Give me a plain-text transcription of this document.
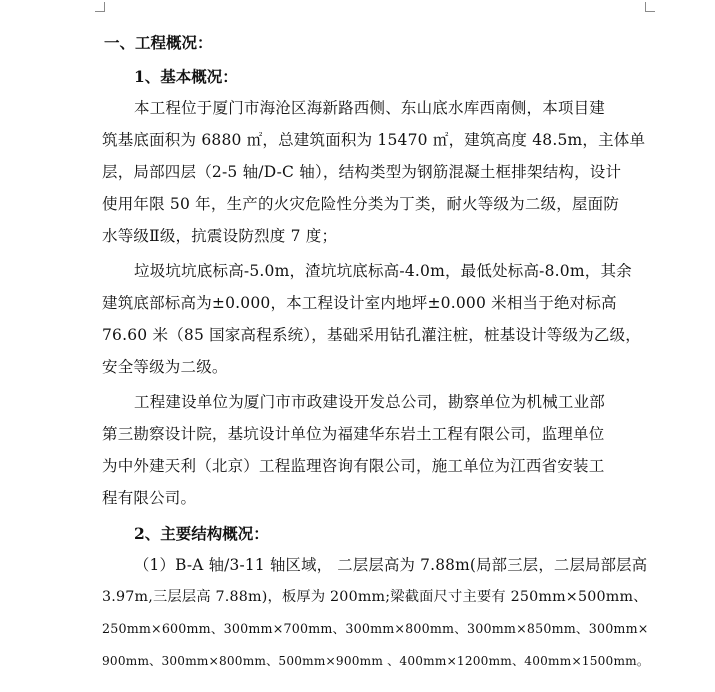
一、工程概况：
1、基本概况：
本工程位于厦门市海沧区海新路西侧、东山底水库西南侧，本项目建
筑基底面积为 6880 ㎡，总建筑面积为 15470 ㎡，建筑高度 48.5m，主体单
层，局部四层（2-5 轴/D-C 轴），结构类型为钢筋混凝土框排架结构，设计
使用年限 50 年，生产的火灾危险性分类为丁类，耐火等级为二级，屋面防
水等级Ⅱ级，抗震设防烈度 7 度；
垃圾坑坑底标高-5.0m，渣坑坑底标高-4.0m，最低处标高-8.0m，其余
建筑底部标高为±0.000，本工程设计室内地坪±0.000 米相当于绝对标高
76.60 米（85 国家高程系统），基础采用钻孔灌注桩，桩基设计等级为乙级，
安全等级为二级。
工程建设单位为厦门市市政建设开发总公司，勘察单位为机械工业部
第三勘察设计院，基坑设计单位为福建华东岩土工程有限公司，监理单位
为中外建天利（北京）工程监理咨询有限公司，施工单位为江西省安装工
程有限公司。
2、主要结构概况：
（1）B-A 轴/3-11 轴区域， 二层层高为 7.88m(局部三层，二层局部层高
3.97m,三层层高 7.88m)，板厚为 200mm;梁截面尺寸主要有 250mm×500mm、
250mm×600mm、300mm×700mm、300mm×800mm、300mm×850mm、300mm×
900mm、300mm×800mm、500mm×900mm 、400mm×1200mm、400mm×1500mm。
